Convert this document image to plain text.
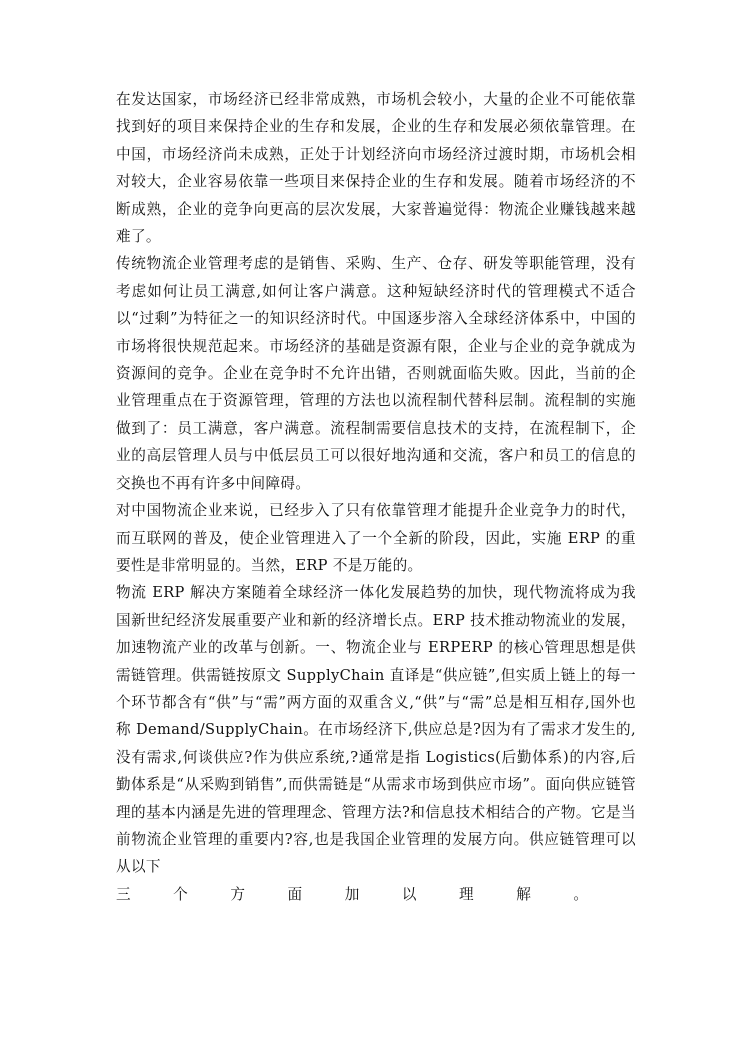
在发达国家，市场经济已经非常成熟，市场机会较小，大量的企业不可能依靠找到好的项目来保持企业的生存和发展，企业的生存和发展必须依靠管理。在中国，市场经济尚未成熟，正处于计划经济向市场经济过渡时期，市场机会相对较大，企业容易依靠一些项目来保持企业的生存和发展。随着市场经济的不断成熟，企业的竞争向更高的层次发展，大家普遍觉得：物流企业赚钱越来越难了。

传统物流企业管理考虑的是销售、采购、生产、仓存、研发等职能管理，没有考虑如何让员工满意,如何让客户满意。这种短缺经济时代的管理模式不适合以“过剩”为特征之一的知识经济时代。中国逐步溶入全球经济体系中，中国的市场将很快规范起来。市场经济的基础是资源有限，企业与企业的竞争就成为资源间的竞争。企业在竞争时不允许出错，否则就面临失败。因此，当前的企业管理重点在于资源管理，管理的方法也以流程制代替科层制。流程制的实施做到了：员工满意，客户满意。流程制需要信息技术的支持，在流程制下，企业的高层管理人员与中低层员工可以很好地沟通和交流，客户和员工的信息的交换也不再有许多中间障碍。

对中国物流企业来说，已经步入了只有依靠管理才能提升企业竞争力的时代，而互联网的普及，使企业管理进入了一个全新的阶段，因此，实施 ERP 的重要性是非常明显的。当然，ERP 不是万能的。

物流 ERP 解决方案随着全球经济一体化发展趋势的加快，现代物流将成为我国新世纪经济发展重要产业和新的经济增长点。ERP 技术推动物流业的发展，加速物流产业的改革与创新。一、物流企业与 ERPERP 的核心管理思想是供需链管理。供需链按原文 SupplyChain 直译是“供应链”,但实质上链上的每一个环节都含有“供”与“需”两方面的双重含义,“供”与“需”总是相互相存,国外也称 Demand/SupplyChain。在市场经济下,供应总是?因为有了需求才发生的,没有需求,何谈供应?作为供应系统,?通常是指 Logistics(后勤体系)的内容,后勤体系是“从采购到销售”,而供需链是“从需求市场到供应市场”。面向供应链管理的基本内涵是先进的管理理念、管理方法?和信息技术相结合的产物。它是当前物流企业管理的重要内?容,也是我国企业管理的发展方向。供应链管理可以从以下

三	个	方	面	加	以	理	解	。
